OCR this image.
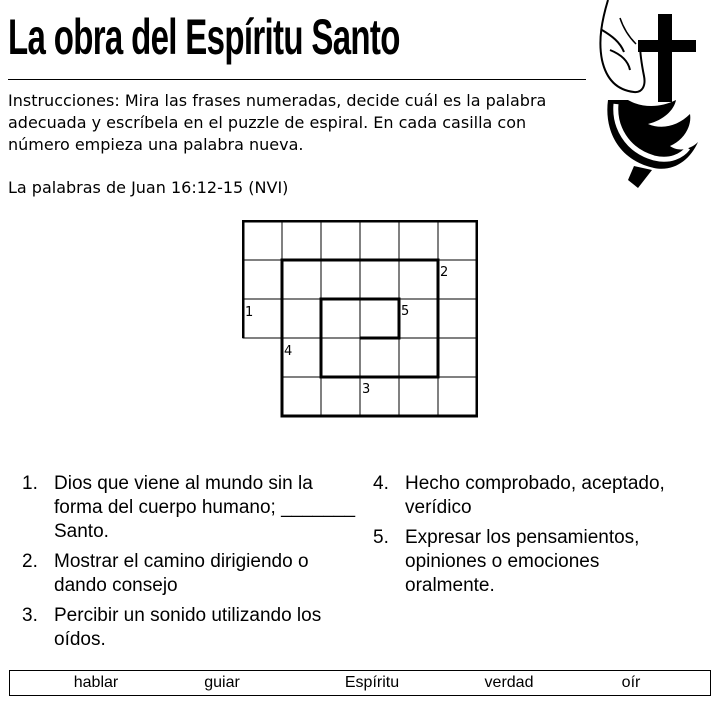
La obra del Espíritu Santo

Instrucciones: Mira las frases numeradas, decide cuál es la palabra adecuada y escríbela en el puzzle de espiral. En cada casilla con número empieza una palabra nueva.

La palabras de Juan 16:12-15 (NVI)

1
2
3
4
5
1. Dios que viene al mundo sin la forma del cuerpo humano; _______ Santo.
2. Mostrar el camino dirigiendo o dando consejo
3. Percibir un sonido utilizando los oídos.
4. Hecho comprobado, aceptado, verídico
5. Expresar los pensamientos, opiniones o emociones oralmente.
hablar	guiar	Espíritu	verdad	oír
